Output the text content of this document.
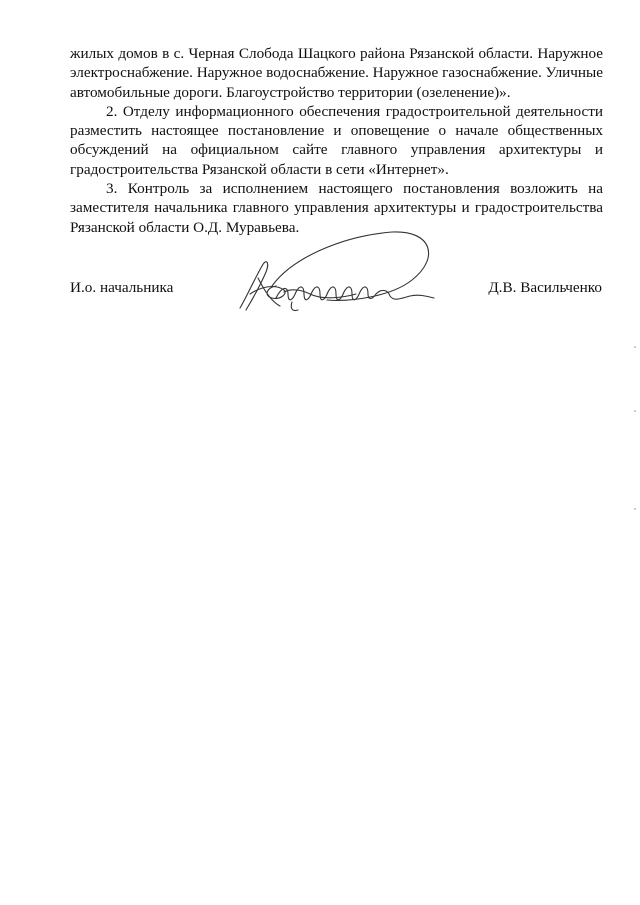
жилых домов в с. Черная Слобода Шацкого района Рязанской области. Наружное электроснабжение. Наружное водоснабжение. Наружное газоснабжение. Уличные автомобильные дороги. Благоустройство территории (озеленение)».

2. Отделу информационного обеспечения градостроительной деятельности разместить настоящее постановление и оповещение о начале общественных обсуждений на официальном сайте главного управления архитектуры и градостроительства Рязанской области в сети «Интернет».

3. Контроль за исполнением настоящего постановления возложить на заместителя начальника главного управления архитектуры и градостроительства Рязанской области О.Д. Муравьева.

И.о. начальника	Д.В. Васильченко
